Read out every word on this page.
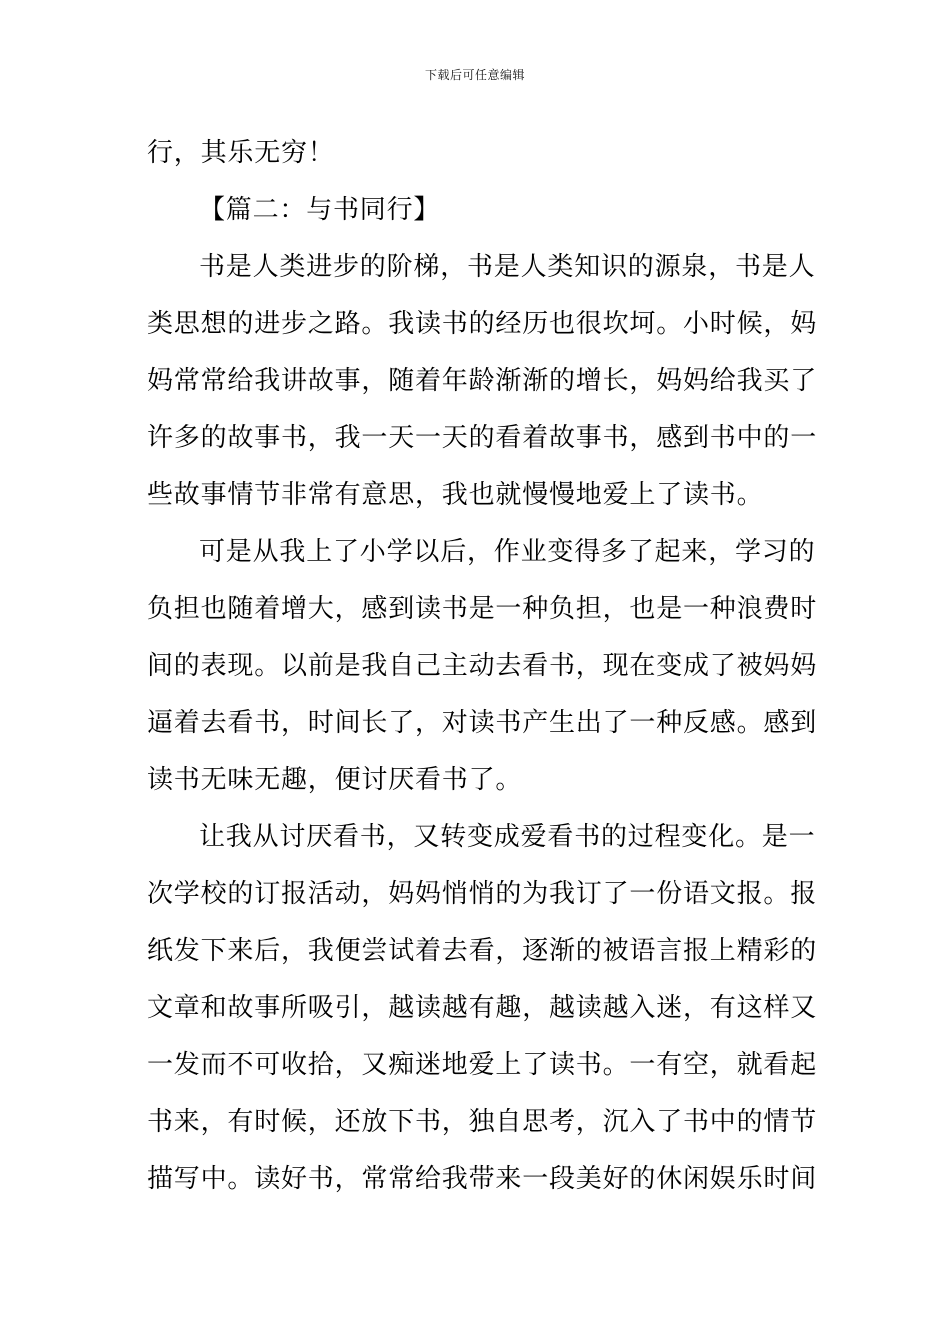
下载后可任意编辑
行，其乐无穷！
【篇二：与书同行】
书是人类进步的阶梯，书是人类知识的源泉，书是人
类思想的进步之路。我读书的经历也很坎坷。小时候，妈
妈常常给我讲故事，随着年龄渐渐的增长，妈妈给我买了
许多的故事书，我一天一天的看着故事书，感到书中的一
些故事情节非常有意思，我也就慢慢地爱上了读书。
可是从我上了小学以后，作业变得多了起来，学习的
负担也随着增大，感到读书是一种负担，也是一种浪费时
间的表现。以前是我自己主动去看书，现在变成了被妈妈
逼着去看书，时间长了，对读书产生出了一种反感。感到
读书无味无趣，便讨厌看书了。
让我从讨厌看书，又转变成爱看书的过程变化。是一
次学校的订报活动，妈妈悄悄的为我订了一份语文报。报
纸发下来后，我便尝试着去看，逐渐的被语言报上精彩的
文章和故事所吸引，越读越有趣，越读越入迷，有这样又
一发而不可收拾，又痴迷地爱上了读书。一有空，就看起
书来，有时候，还放下书，独自思考，沉入了书中的情节
描写中。读好书，常常给我带来一段美好的休闲娱乐时间
